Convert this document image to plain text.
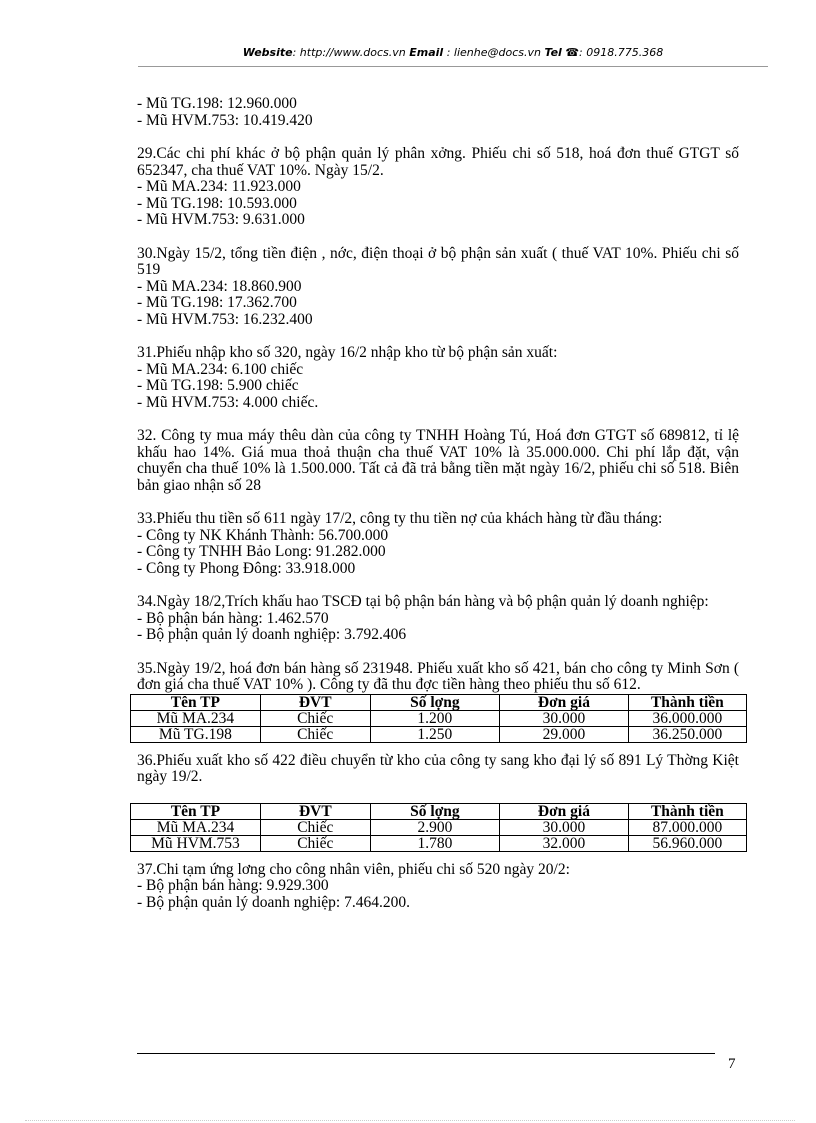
Website: http://www.docs.vn Email : lienhe@docs.vn Tel ☎: 0918.775.368
- Mũ TG.198: 12.960.000
- Mũ HVM.753: 10.419.420
29.Các chi phí khác ở bộ phận quản lý phân xởng. Phiếu chi số 518, hoá đơn thuế GTGT số 652347, cha thuế VAT 10%. Ngày 15/2.
- Mũ MA.234: 11.923.000
- Mũ TG.198: 10.593.000
- Mũ HVM.753: 9.631.000
30.Ngày 15/2, tổng tiền điện , nớc, điện thoại ở bộ phận sản xuất ( thuế VAT 10%. Phiếu chi số 519
- Mũ MA.234: 18.860.900
- Mũ TG.198: 17.362.700
- Mũ HVM.753: 16.232.400
31.Phiếu nhập kho số 320, ngày 16/2 nhập kho từ bộ phận sản xuất:
- Mũ MA.234: 6.100 chiếc
- Mũ TG.198: 5.900 chiếc
- Mũ HVM.753: 4.000 chiếc.
32. Công ty mua máy thêu dàn của công ty TNHH Hoàng Tú, Hoá đơn GTGT số 689812, tỉ lệ khấu hao 14%. Giá mua thoả thuận cha thuế VAT 10% là 35.000.000. Chi phí lắp đặt, vận chuyển cha thuế 10% là 1.500.000. Tất cả đã trả bằng tiền mặt ngày 16/2, phiếu chi số 518. Biên bản giao nhận số 28
33.Phiếu thu tiền số 611 ngày 17/2, công ty thu tiền nợ của khách hàng từ đầu tháng:
- Công ty NK Khánh Thành: 56.700.000
- Công ty TNHH Bảo Long: 91.282.000
- Công ty Phong Đông: 33.918.000
34.Ngày 18/2,Trích khấu hao TSCĐ tại bộ phận bán hàng và bộ phận quản lý doanh nghiệp:
- Bộ phận bán hàng: 1.462.570
- Bộ phận quản lý doanh nghiệp: 3.792.406
35.Ngày 19/2, hoá đơn bán hàng số 231948. Phiếu xuất kho số 421, bán cho công ty Minh Sơn ( đơn giá cha thuế VAT 10% ). Công ty đã thu đợc tiền hàng theo phiếu thu số 612.
Tên TP	ĐVT	Số lợng	Đơn giá	Thành tiền
Mũ MA.234	Chiếc	1.200	30.000	36.000.000
Mũ TG.198	Chiếc	1.250	29.000	36.250.000
36.Phiếu xuất kho số 422 điều chuyển từ kho của công ty sang kho đại lý số 891 Lý Thờng Kiệt ngày 19/2.
Tên TP	ĐVT	Số lợng	Đơn giá	Thành tiền
Mũ MA.234	Chiếc	2.900	30.000	87.000.000
Mũ HVM.753	Chiếc	1.780	32.000	56.960.000
37.Chi tạm ứng lơng cho công nhân viên, phiếu chi số 520 ngày 20/2:
- Bộ phận bán hàng: 9.929.300
- Bộ phận quản lý doanh nghiệp: 7.464.200.
7
